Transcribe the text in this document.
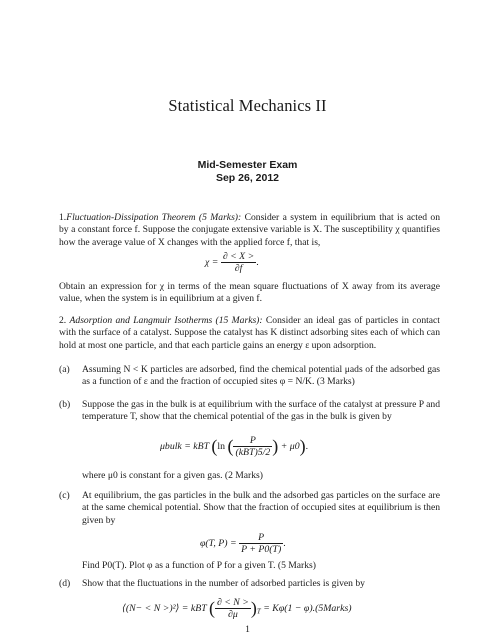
Statistical Mechanics II
Mid-Semester Exam
Sep 26, 2012
1.Fluctuation-Dissipation Theorem (5 Marks): Consider a system in equilibrium that is acted on by a constant force f. Suppose the conjugate extensive variable is X. The susceptibility χ quantifies how the average value of X changes with the applied force f, that is,
$\chi = \frac{\partial < X >}{\partial f}$ .
Obtain an expression for χ in terms of the mean square fluctuations of X away from its average value, when the system is in equilibrium at a given f.
2. Adsorption and Langmuir Isotherms (15 Marks): Consider an ideal gas of particles in contact with the surface of a catalyst. Suppose the catalyst has K distinct adsorbing sites each of which can hold at most one particle, and that each particle gains an energy ε upon adsorption.
(a) Assuming N < K particles are adsorbed, find the chemical potential μads of the adsorbed gas as a function of ε and the fraction of occupied sites φ = N/K. (3 Marks)
(b) Suppose the gas in the bulk is at equilibrium with the surface of the catalyst at pressure P and temperature T, show that the chemical potential of the gas in the bulk is given by
μbulk = kBT (ln ( $\frac{P}{\text{(kBT)5/2}}$ ) + μ0).
where μ0 is constant for a given gas. (2 Marks)
(c) At equilibrium, the gas particles in the bulk and the adsorbed gas particles on the surface are at the same chemical potential. Show that the fraction of occupied sites at equilibrium is then given by
φ(T, $P) = \frac{P}{P + P0(T)}$ .
Find P0(T). Plot φ as a function of P for a given T. (5 Marks)
(d) Show that the fluctuations in the number of adsorbed particles is given by
⟨(N− < N >)²⟩ = kBT ( $\frac{\partial < N >}{\partial\mu} )_T = K\varphi(1$ − φ).(5Marks)
1
